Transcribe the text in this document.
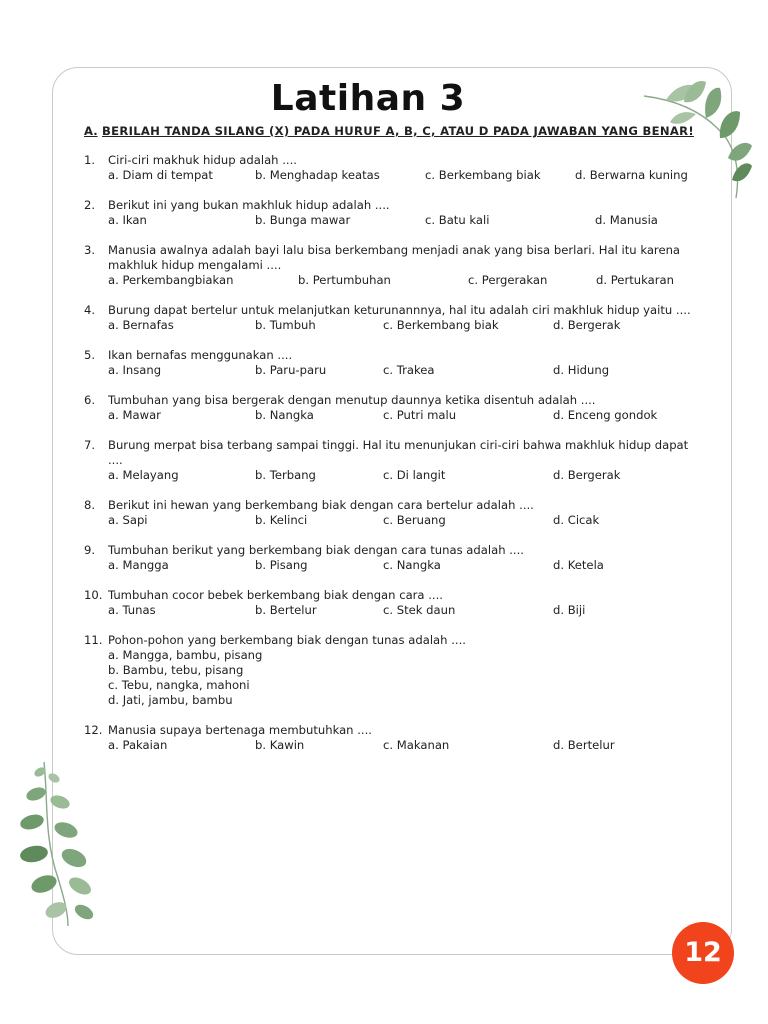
Latihan 3
A. BERILAH TANDA SILANG (X) PADA HURUF A, B, C, ATAU D PADA JAWABAN YANG BENAR!
1.	Ciri-ciri makhuk hidup adalah ....
a. Diam di tempat	b. Menghadap keatas	c. Berkembang biak	d. Berwarna kuning
2.	Berikut ini yang bukan makhluk hidup adalah ....
a. Ikan	b. Bunga mawar	c. Batu kali	d. Manusia
3.	Manusia awalnya adalah bayi lalu bisa berkembang menjadi anak yang bisa berlari. Hal itu karena makhluk hidup mengalami ....
a. Perkembangbiakan	b. Pertumbuhan	c. Pergerakan	d. Pertukaran
4.	Burung dapat bertelur untuk melanjutkan keturunannnya, hal itu adalah ciri makhluk hidup yaitu ....
a. Bernafas	b. Tumbuh	c. Berkembang biak	d. Bergerak
5.	Ikan bernafas menggunakan ....
a. Insang	b. Paru-paru	c. Trakea	d. Hidung
6.	Tumbuhan yang bisa bergerak dengan menutup daunnya ketika disentuh adalah ....
a. Mawar	b. Nangka	c. Putri malu	d. Enceng gondok
7.	Burung merpat bisa terbang sampai tinggi. Hal itu menunjukan ciri-ciri bahwa makhluk hidup dapat ....
a. Melayang	b. Terbang	c. Di langit	d. Bergerak
8.	Berikut ini hewan yang berkembang biak dengan cara bertelur adalah ....
a. Sapi	b. Kelinci	c. Beruang	d. Cicak
9.	Tumbuhan berikut yang berkembang biak dengan cara tunas adalah ....
a. Mangga	b. Pisang	c. Nangka	d. Ketela
10. Tumbuhan cocor bebek berkembang biak dengan cara ....
a. Tunas	b. Bertelur	c. Stek daun	d. Biji
11. Pohon-pohon yang berkembang biak dengan tunas adalah ....
a. Mangga, bambu, pisang
b. Bambu, tebu, pisang
c. Tebu, nangka, mahoni
d. Jati, jambu, bambu
12. Manusia supaya bertenaga membutuhkan ....
a. Pakaian	b. Kawin	c. Makanan	d. Bertelur
12
